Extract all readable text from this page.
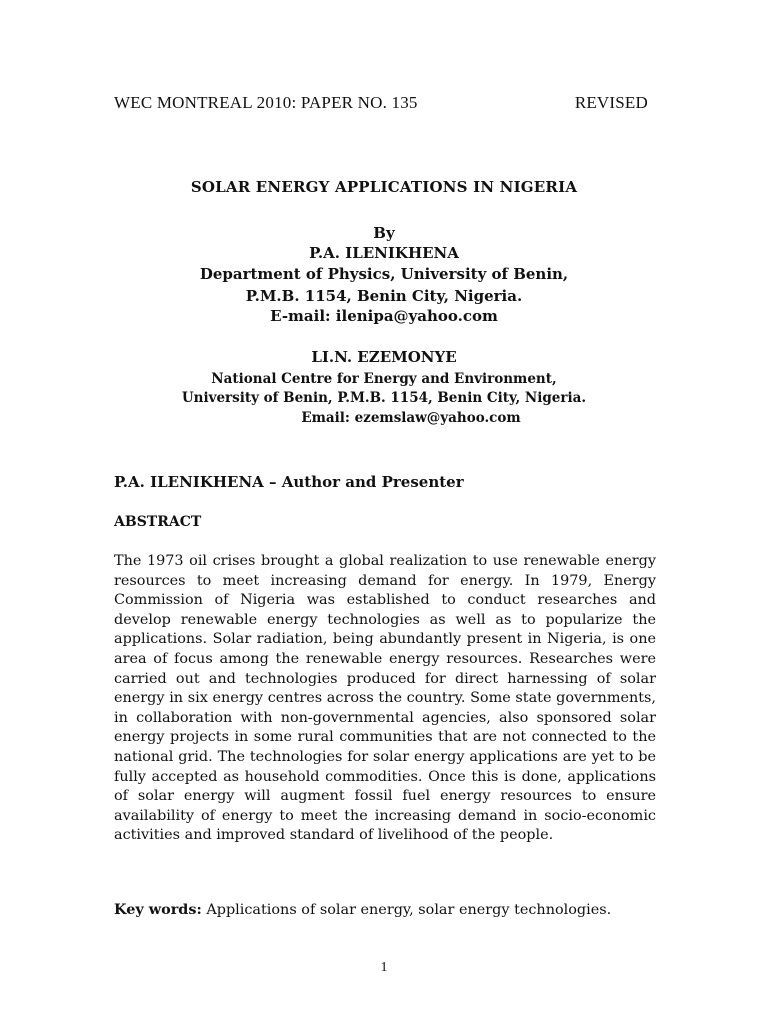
WEC MONTREAL 2010: PAPER NO. 135	REVISED
SOLAR ENERGY APPLICATIONS IN NIGERIA
By
P.A. ILENIKHENA
Department of Physics, University of Benin,
P.M.B. 1154, Benin City, Nigeria.
E-mail: ilenipa@yahoo.com
LI.N. EZEMONYE
National Centre for Energy and Environment,
University of Benin, P.M.B. 1154, Benin City, Nigeria.
Email: ezemslaw@yahoo.com
P.A. ILENIKHENA – Author and Presenter
ABSTRACT

The 1973 oil crises brought a global realization to use renewable energy resources to meet increasing demand for energy. In 1979, Energy Commission of Nigeria was established to conduct researches and develop renewable energy technologies as well as to popularize the applications. Solar radiation, being abundantly present in Nigeria, is one area of focus among the renewable energy resources. Researches were carried out and technologies produced for direct harnessing of solar energy in six energy centres across the country. Some state governments, in collaboration with non-governmental agencies, also sponsored solar energy projects in some rural communities that are not connected to the national grid. The technologies for solar energy applications are yet to be fully accepted as household commodities. Once this is done, applications of solar energy will augment fossil fuel energy resources to ensure availability of energy to meet the increasing demand in socio-economic activities and improved standard of livelihood of the people.

Key words: Applications of solar energy, solar energy technologies.
1
